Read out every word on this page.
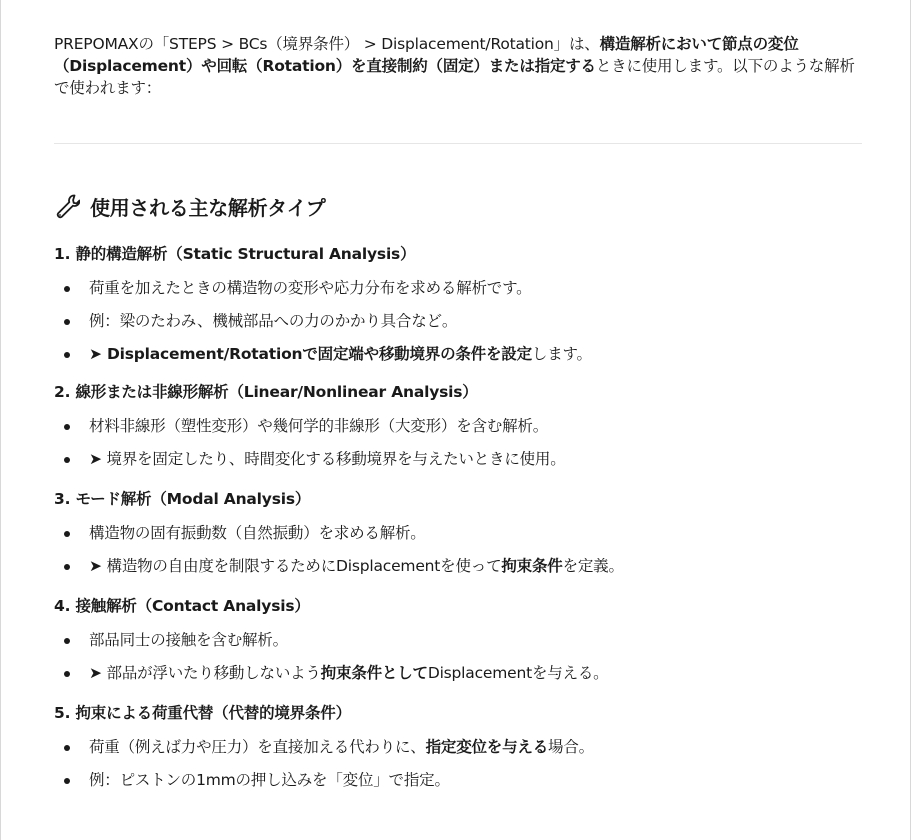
PREPOMAXの「STEPS > BCs（境界条件） > Displacement/Rotation」は、構造解析において節点の変位（Displacement）や回転（Rotation）を直接制約（固定）または指定するときに使用します。以下のような解析で使われます：
使用される主な解析タイプ
1. 静的構造解析（Static Structural Analysis）
荷重を加えたときの構造物の変形や応力分布を求める解析です。
例：梁のたわみ、機械部品への力のかかり具合など。
➤ Displacement/Rotationで固定端や移動境界の条件を設定します。
2. 線形または非線形解析（Linear/Nonlinear Analysis）
材料非線形（塑性変形）や幾何学的非線形（大変形）を含む解析。
➤ 境界を固定したり、時間変化する移動境界を与えたいときに使用。
3. モード解析（Modal Analysis）
構造物の固有振動数（自然振動）を求める解析。
➤ 構造物の自由度を制限するためにDisplacementを使って拘束条件を定義。
4. 接触解析（Contact Analysis）
部品同士の接触を含む解析。
➤ 部品が浮いたり移動しないよう拘束条件としてDisplacementを与える。
5. 拘束による荷重代替（代替的境界条件）
荷重（例えば力や圧力）を直接加える代わりに、指定変位を与える場合。
例：ピストンの1mmの押し込みを「変位」で指定。
